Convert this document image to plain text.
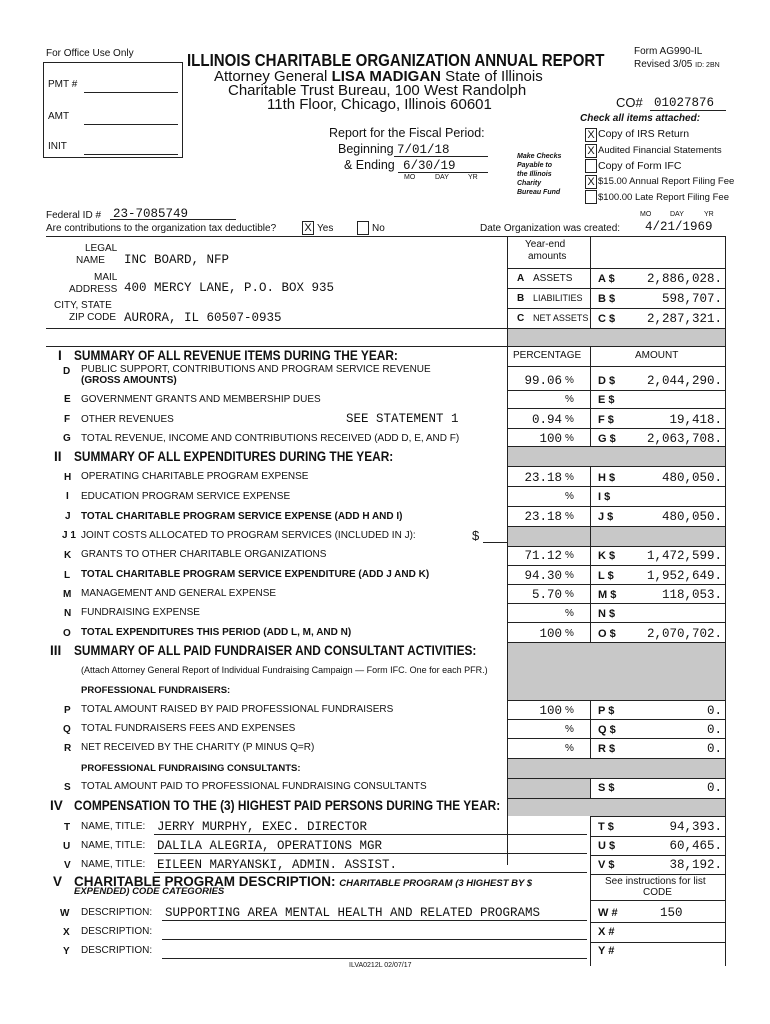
For Office Use Only
PMT #
AMT
INIT
ILLINOIS CHARITABLE ORGANIZATION ANNUAL REPORT
Attorney General LISA MADIGAN State of Illinois
Charitable Trust Bureau, 100 West Randolph
11th Floor, Chicago, Illinois 60601
Form AG990-IL
Revised 3/05 ID: 2BN
CO# 01027876
Check all items attached:
Report for the Fiscal Period:
Beginning 7/01/18
& Ending 6/30/19
MO	DAY	YR
Make Checks
Payable to
the Illinois
Charity
Bureau Fund
X Copy of IRS Return
X Audited Financial Statements
Copy of Form IFC
X $15.00 Annual Report Filing Fee
$100.00 Late Report Filing Fee
Federal ID # 23-7085749	MO	DAY	YR
Are contributions to the organization tax deductible?	X Yes	No	Date Organization was created: 4/21/1969
LEGAL
NAME INC BOARD, NFP
MAIL
ADDRESS 400 MERCY LANE, P.O. BOX 935
CITY, STATE
ZIP CODE AURORA, IL 60507-0935
Year-end
amounts
A ASSETS A $	2,886,028.
B LIABILITIES B $	598,707.
C NET ASSETS C $	2,287,321.
I SUMMARY OF ALL REVENUE ITEMS DURING THE YEAR:	PERCENTAGE	AMOUNT
D PUBLIC SUPPORT, CONTRIBUTIONS AND PROGRAM SERVICE REVENUE
(GROSS AMOUNTS)	99.06 % D $	2,044,290.
E GOVERNMENT GRANTS AND MEMBERSHIP DUES	% E $
F OTHER REVENUES	SEE STATEMENT 1	0.94 % F $	19,418.
G TOTAL REVENUE, INCOME AND CONTRIBUTIONS RECEIVED (ADD D, E, AND F)	100 % G $	2,063,708.
II SUMMARY OF ALL EXPENDITURES DURING THE YEAR:
H OPERATING CHARITABLE PROGRAM EXPENSE	23.18 % H $	480,050.
I EDUCATION PROGRAM SERVICE EXPENSE	% I $
J TOTAL CHARITABLE PROGRAM SERVICE EXPENSE (ADD H AND I)	23.18 % J $	480,050.
J 1 JOINT COSTS ALLOCATED TO PROGRAM SERVICES (INCLUDED IN J):	$
K GRANTS TO OTHER CHARITABLE ORGANIZATIONS	71.12 % K $	1,472,599.
L TOTAL CHARITABLE PROGRAM SERVICE EXPENDITURE (ADD J AND K)	94.30 % L $	1,952,649.
M MANAGEMENT AND GENERAL EXPENSE	5.70 % M $	118,053.
N FUNDRAISING EXPENSE	% N $
O TOTAL EXPENDITURES THIS PERIOD (ADD L, M, AND N)	100 % O $	2,070,702.
III SUMMARY OF ALL PAID FUNDRAISER AND CONSULTANT ACTIVITIES:
(Attach Attorney General Report of Individual Fundraising Campaign — Form IFC. One for each PFR.)
PROFESSIONAL FUNDRAISERS:
P TOTAL AMOUNT RAISED BY PAID PROFESSIONAL FUNDRAISERS	100 % P $	0.
Q TOTAL FUNDRAISERS FEES AND EXPENSES	% Q $	0.
R NET RECEIVED BY THE CHARITY (P MINUS Q=R)	% R $	0.
PROFESSIONAL FUNDRAISING CONSULTANTS:
S TOTAL AMOUNT PAID TO PROFESSIONAL FUNDRAISING CONSULTANTS	S $	0.
IV COMPENSATION TO THE (3) HIGHEST PAID PERSONS DURING THE YEAR:
T NAME, TITLE: JERRY MURPHY, EXEC. DIRECTOR	T $	94,393.
U NAME, TITLE: DALILA ALEGRIA, OPERATIONS MGR	U $	60,465.
V NAME, TITLE: EILEEN MARYANSKI, ADMIN. ASSIST.	V $	38,192.
V CHARITABLE PROGRAM DESCRIPTION: CHARITABLE PROGRAM (3 HIGHEST BY $
EXPENDED) CODE CATEGORIES
See instructions for list
CODE
W DESCRIPTION: SUPPORTING AREA MENTAL HEALTH AND RELATED PROGRAMS	W #	150
X DESCRIPTION:	X #
Y DESCRIPTION:	Y #
ILVA0212L 02/07/17
